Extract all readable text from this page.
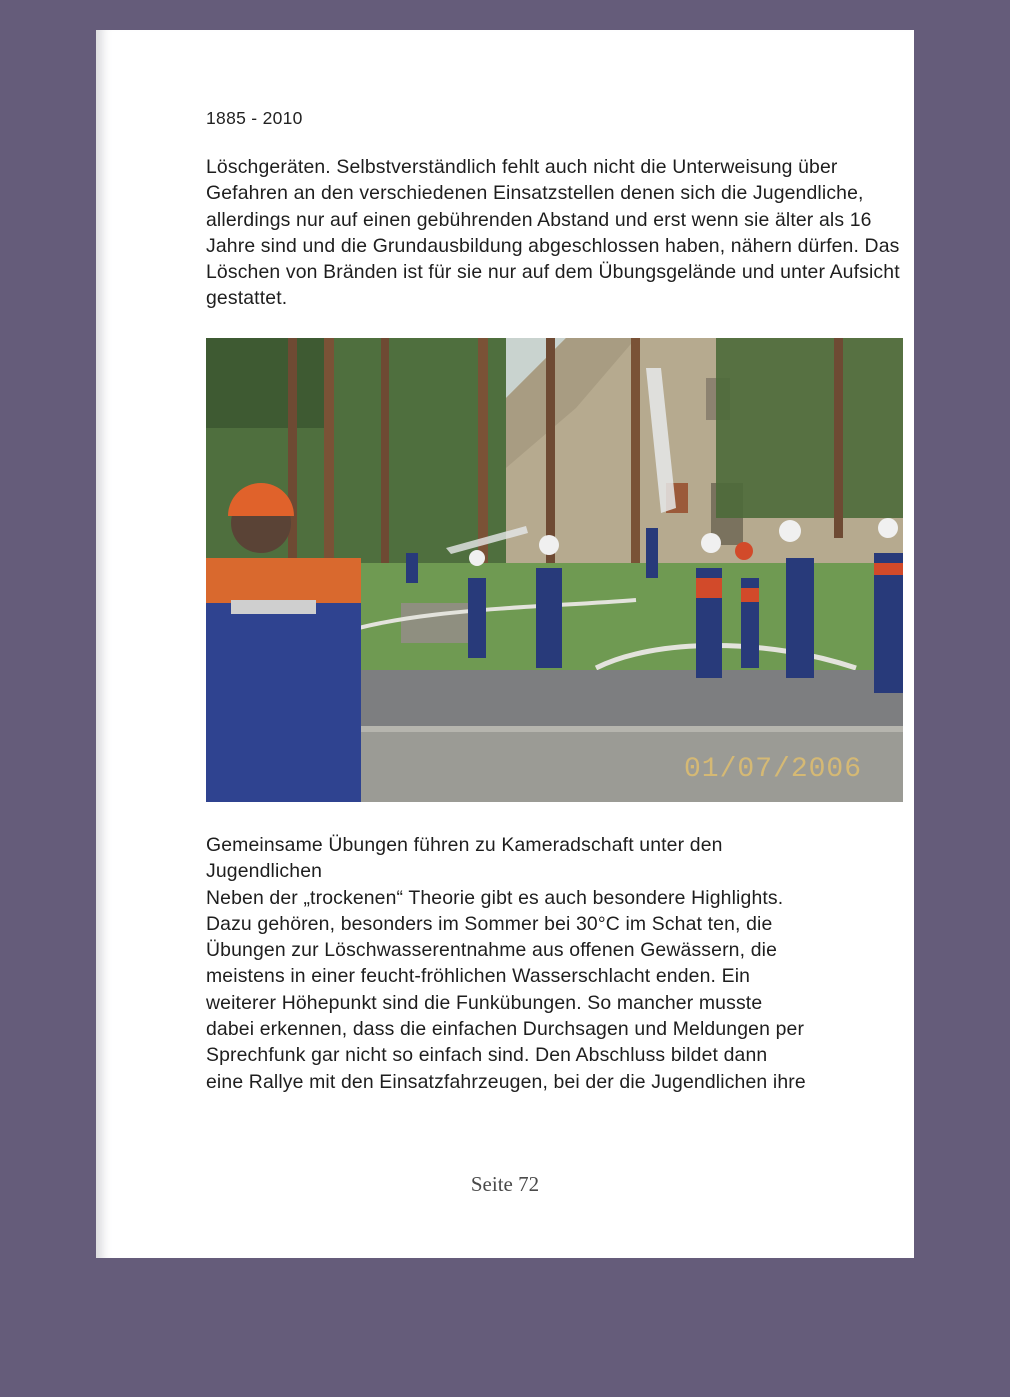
1885 - 2010

Löschgeräten. Selbstverständlich fehlt auch nicht die Unterweisung über Gefahren an den verschiedenen Einsatzstellen denen sich die Jugendliche, allerdings nur auf einen gebührenden Abstand und erst wenn sie älter als 16 Jahre sind und die Grundausbildung abgeschlossen haben, nähern dürfen. Das Löschen von Bränden ist für sie nur auf dem Übungsgelände und unter Aufsicht gestattet.

01/07/2006
Gemeinsame Übungen führen zu Kameradschaft unter den
Jugendlichen
Neben der „trockenen“ Theorie gibt es auch besondere Highlights.
Dazu gehören, besonders im Sommer bei 30°C im Schat ten, die
Übungen zur Löschwasserentnahme aus offenen Gewässern, die
meistens in einer feucht-fröhlichen Wasserschlacht enden. Ein
weiterer Höhepunkt sind die Funkübungen. So mancher musste
dabei erkennen, dass die einfachen Durchsagen und Meldungen per
Sprechfunk gar nicht so einfach sind. Den Abschluss bildet dann
eine Rallye mit den Einsatzfahrzeugen, bei der die Jugendlichen ihre
Seite 72
